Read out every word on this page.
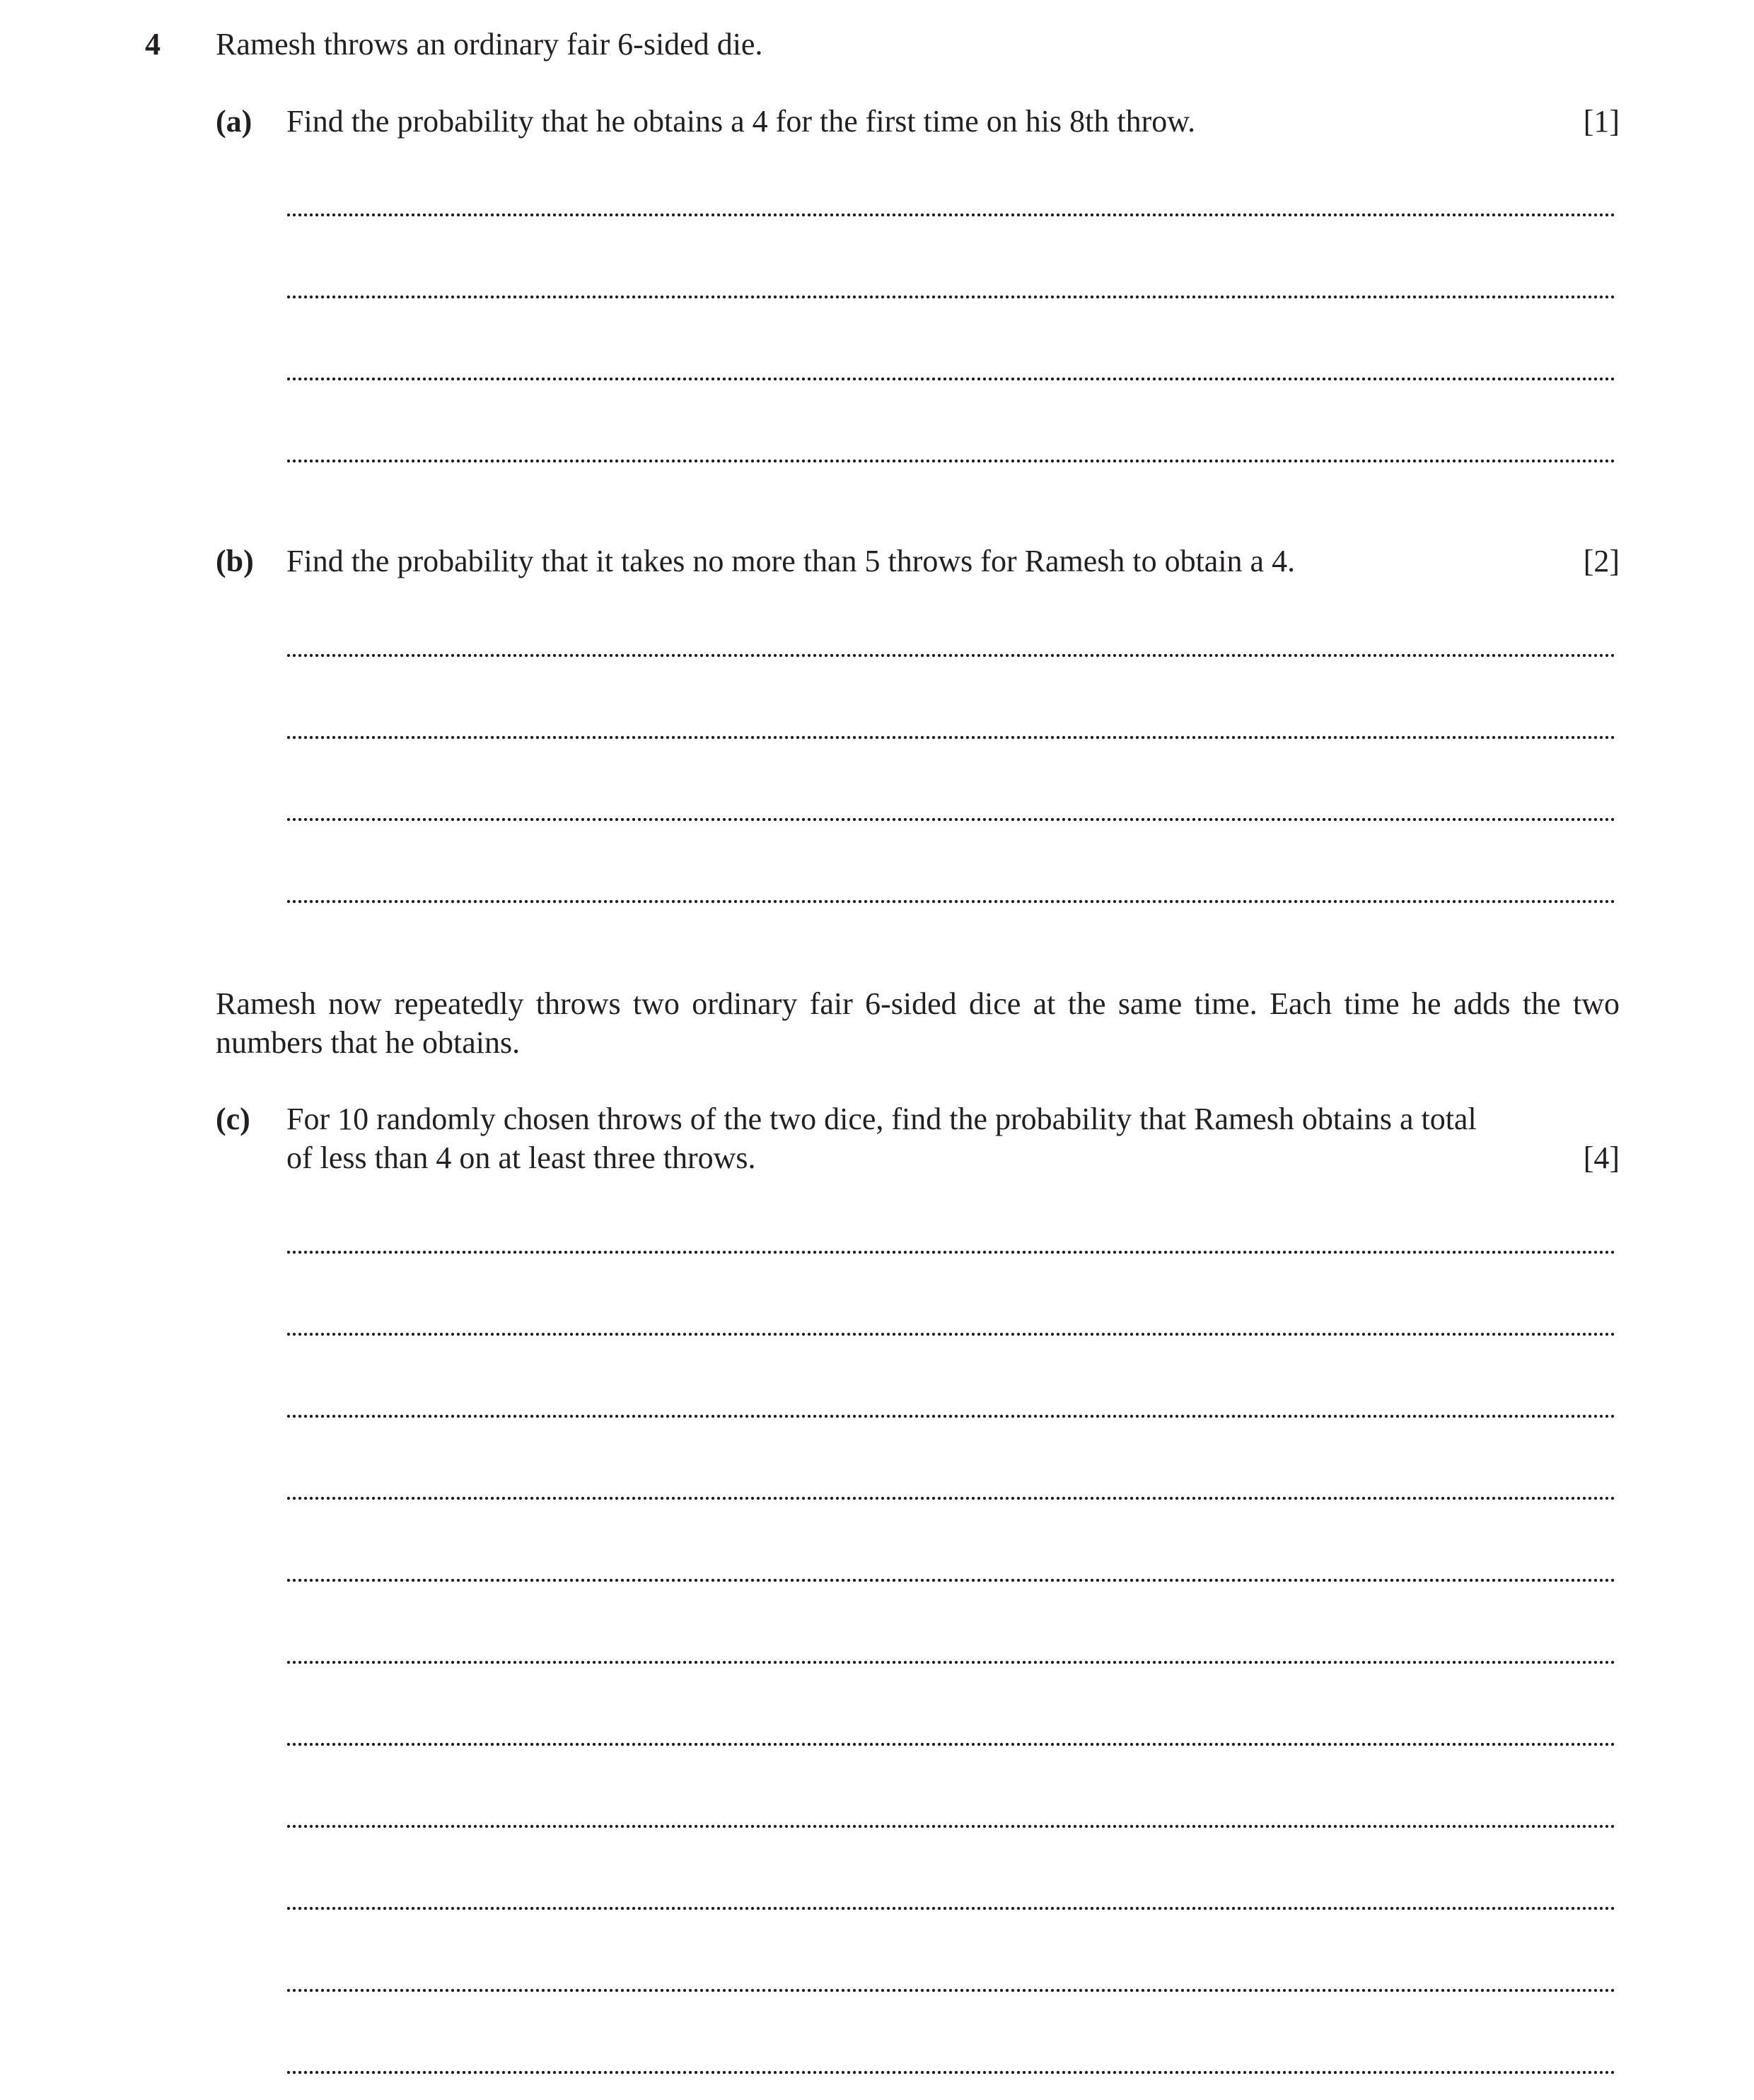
4 Ramesh throws an ordinary fair 6-sided die.
(a) Find the probability that he obtains a 4 for the first time on his 8th throw.	[1]
(b) Find the probability that it takes no more than 5 throws for Ramesh to obtain a 4.	[2]
Ramesh now repeatedly throws two ordinary fair 6-sided dice at the same time. Each time he adds the two numbers that he obtains.
(c) For 10 randomly chosen throws of the two dice, find the probability that Ramesh obtains a total
of less than 4 on at least three throws.	[4]
